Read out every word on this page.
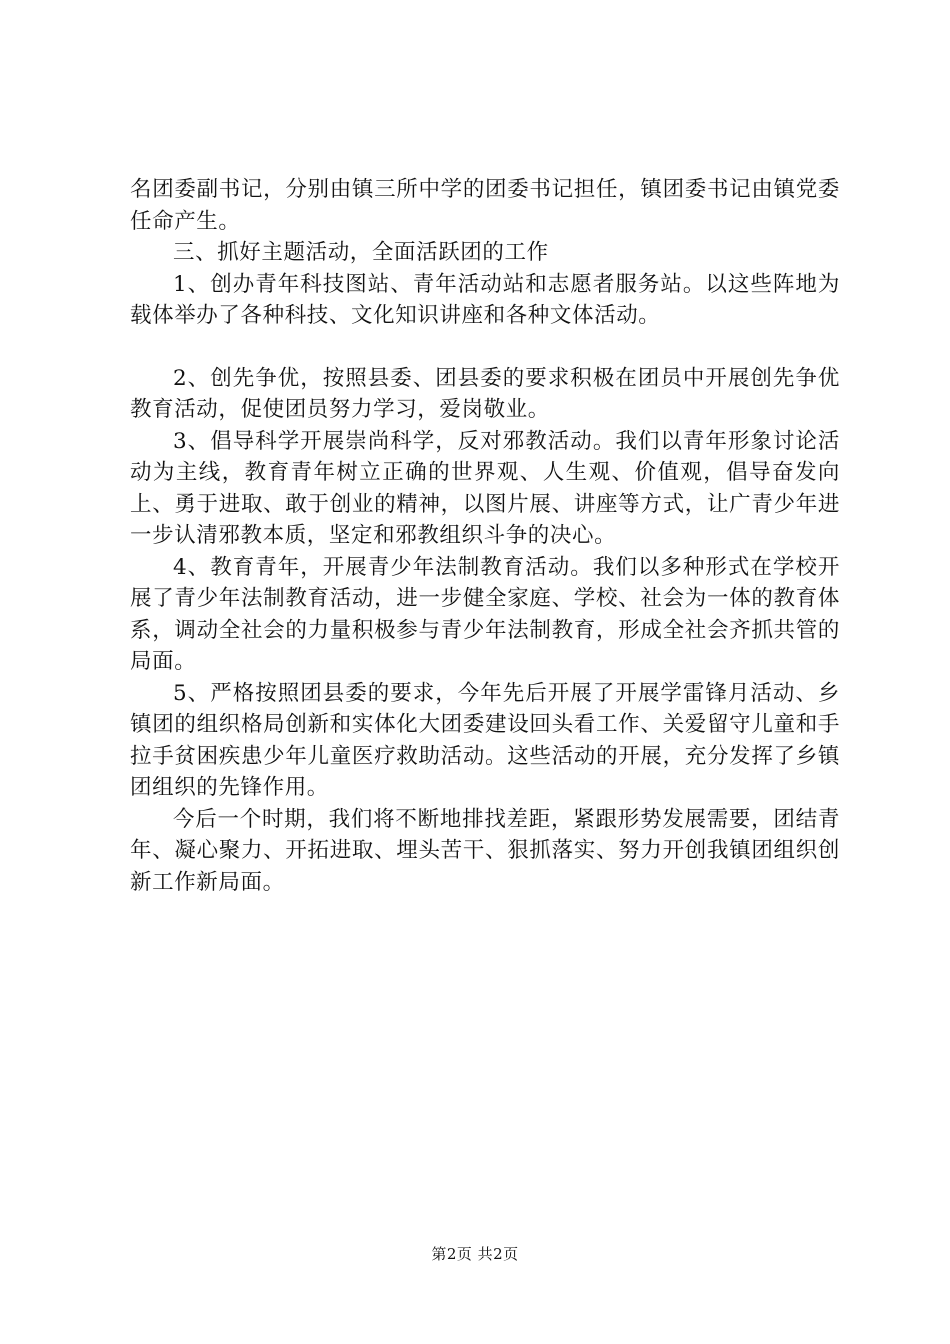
名团委副书记，分别由镇三所中学的团委书记担任，镇团委书记由镇党委任命产生。

三、抓好主题活动，全面活跃团的工作

1、创办青年科技图站、青年活动站和志愿者服务站。以这些阵地为载体举办了各种科技、文化知识讲座和各种文体活动。

2、创先争优，按照县委、团县委的要求积极在团员中开展创先争优教育活动，促使团员努力学习，爱岗敬业。

3、倡导科学开展崇尚科学，反对邪教活动。我们以青年形象讨论活动为主线，教育青年树立正确的世界观、人生观、价值观，倡导奋发向上、勇于进取、敢于创业的精神，以图片展、讲座等方式，让广青少年进一步认清邪教本质，坚定和邪教组织斗争的决心。

4、教育青年，开展青少年法制教育活动。我们以多种形式在学校开展了青少年法制教育活动，进一步健全家庭、学校、社会为一体的教育体系，调动全社会的力量积极参与青少年法制教育，形成全社会齐抓共管的局面。

5、严格按照团县委的要求，今年先后开展了开展学雷锋月活动、乡镇团的组织格局创新和实体化大团委建设回头看工作、关爱留守儿童和手拉手贫困疾患少年儿童医疗救助活动。这些活动的开展，充分发挥了乡镇团组织的先锋作用。

今后一个时期，我们将不断地排找差距，紧跟形势发展需要，团结青年、凝心聚力、开拓进取、埋头苦干、狠抓落实、努力开创我镇团组织创新工作新局面。

第2页 共2页
